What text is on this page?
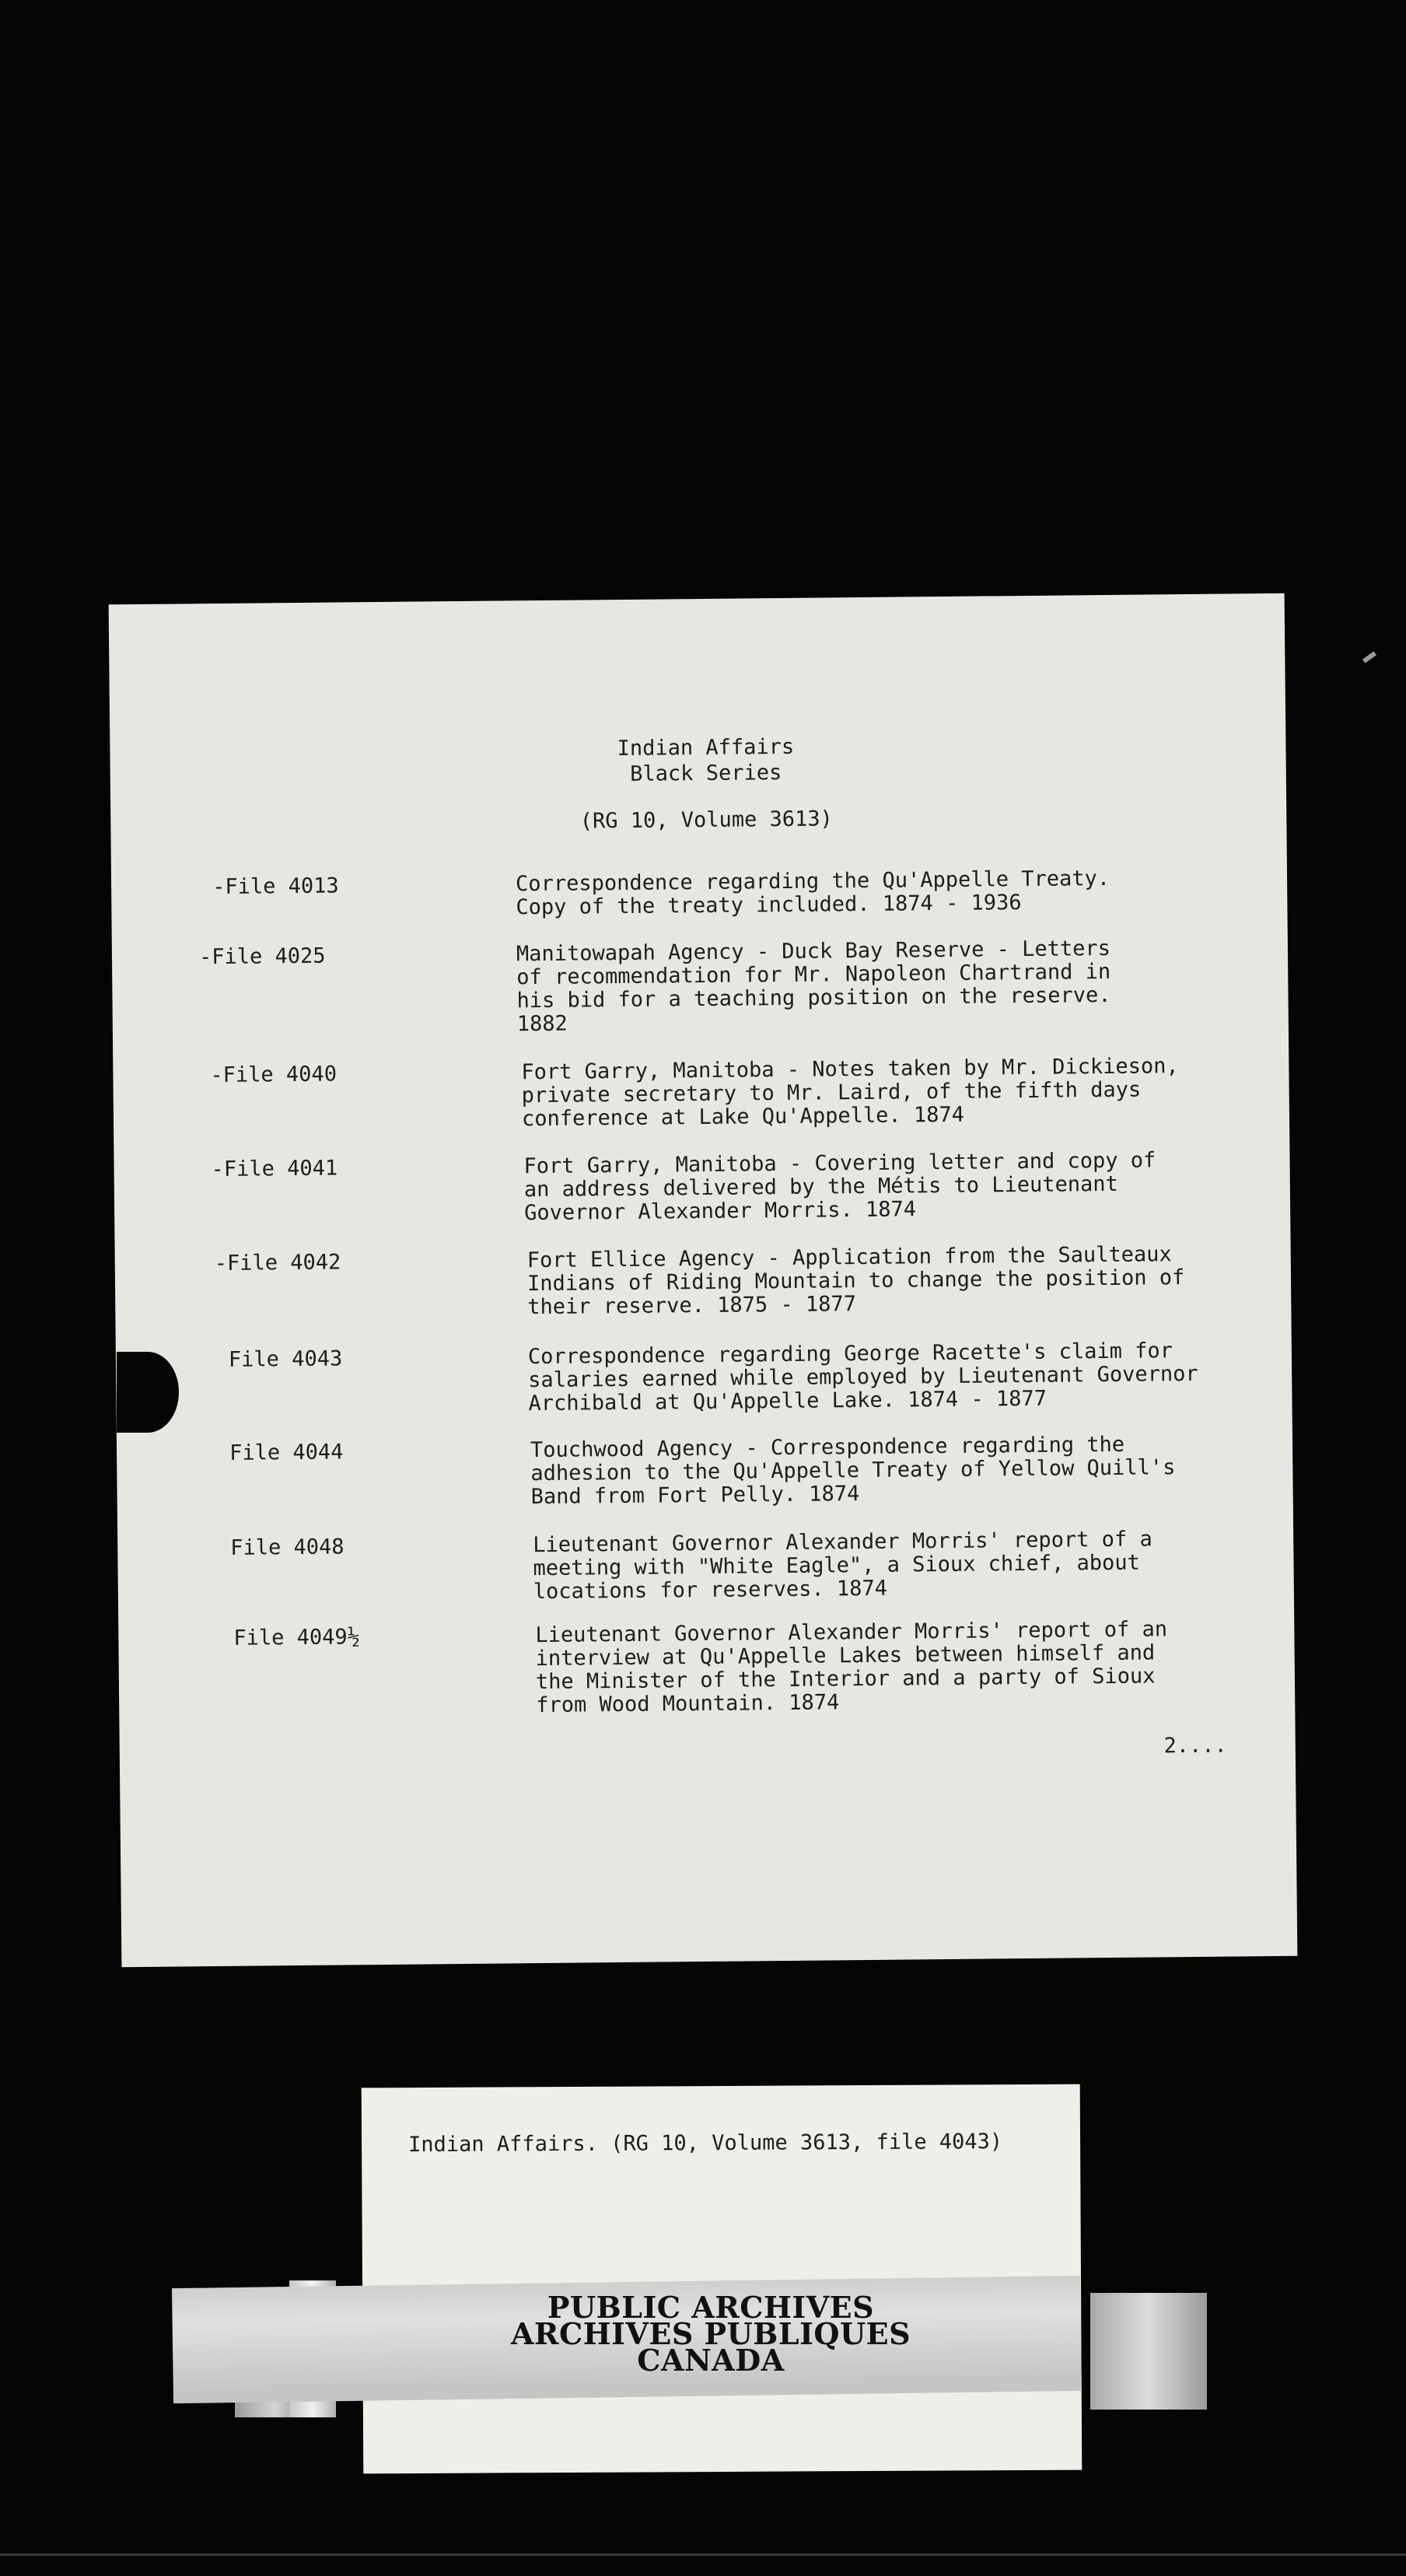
Indian Affairs
Black Series
(RG 10, Volume 3613)
-File 4013	Correspondence regarding the Qu'Appelle Treaty.
Copy of the treaty included. 1874 - 1936
-File 4025	Manitowapah Agency - Duck Bay Reserve - Letters
of recommendation for Mr. Napoleon Chartrand in
his bid for a teaching position on the reserve.
1882
-File 4040	Fort Garry, Manitoba - Notes taken by Mr. Dickieson,
private secretary to Mr. Laird, of the fifth days
conference at Lake Qu'Appelle. 1874
-File 4041	Fort Garry, Manitoba - Covering letter and copy of
an address delivered by the Métis to Lieutenant
Governor Alexander Morris. 1874
-File 4042	Fort Ellice Agency - Application from the Saulteaux
Indians of Riding Mountain to change the position of
their reserve. 1875 - 1877
File 4043	Correspondence regarding George Racette's claim for
salaries earned while employed by Lieutenant Governor
Archibald at Qu'Appelle Lake. 1874 - 1877
File 4044	Touchwood Agency - Correspondence regarding the
adhesion to the Qu'Appelle Treaty of Yellow Quill's
Band from Fort Pelly. 1874
File 4048	Lieutenant Governor Alexander Morris' report of a
meeting with "White Eagle", a Sioux chief, about
locations for reserves. 1874
File 4049½	Lieutenant Governor Alexander Morris' report of an
interview at Qu'Appelle Lakes between himself and
the Minister of the Interior and a party of Sioux
from Wood Mountain. 1874
2....
Indian Affairs. (RG 10, Volume 3613, file 4043)
PUBLIC ARCHIVES
ARCHIVES PUBLIQUES
CANADA
